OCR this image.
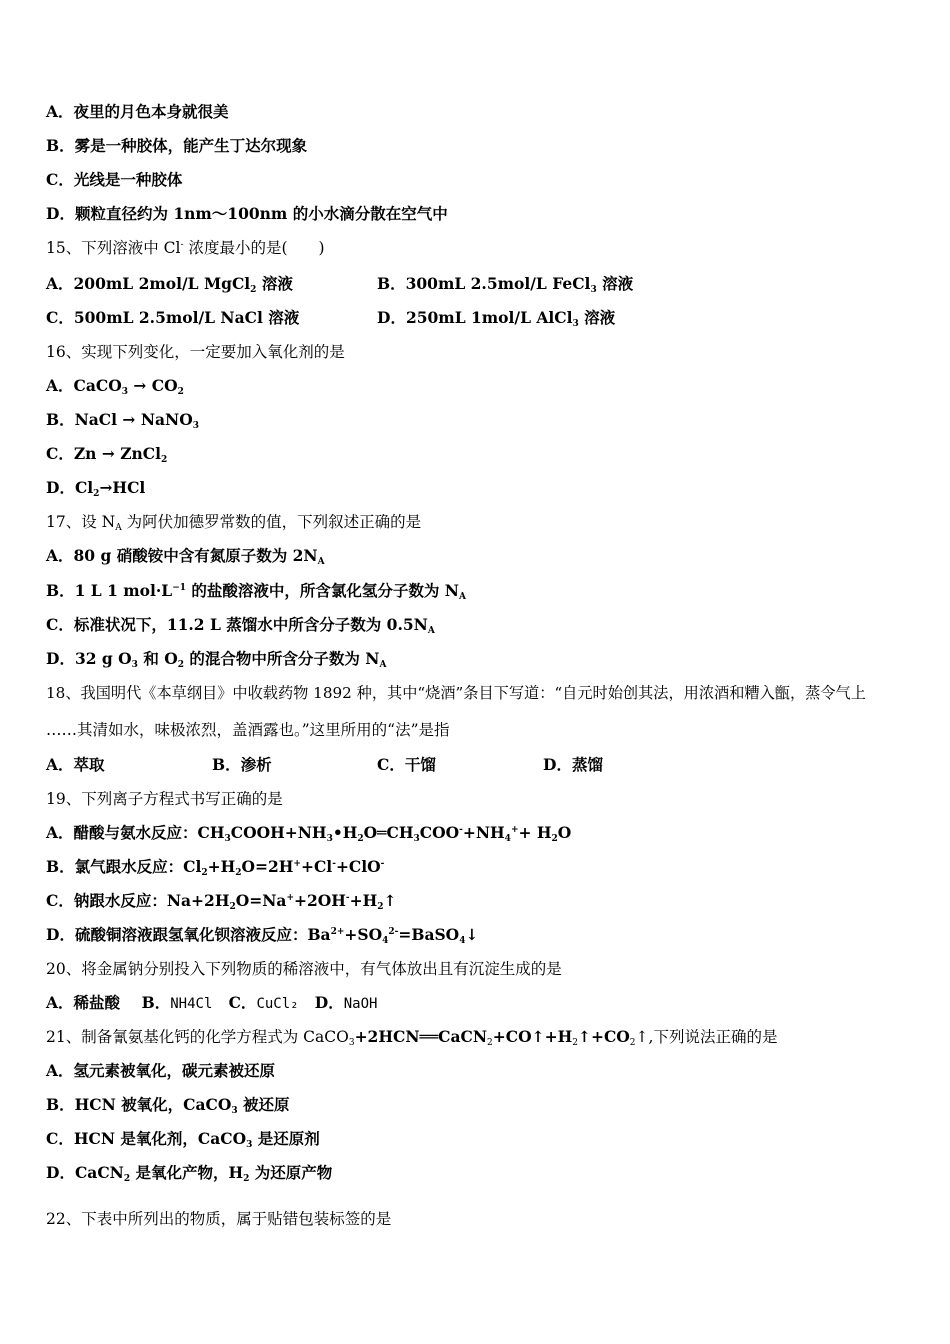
A．夜里的月色本身就很美
B．雾是一种胶体，能产生丁达尔现象
C．光线是一种胶体
D．颗粒直径约为 1nm～100nm 的小水滴分散在空气中
15、下列溶液中 Cl- 浓度最小的是(　　)
A．200mL 2mol/L MgCl$_2$ 溶液	B．300mL 2.5mol/L FeCl$_3$ 溶液
C．500mL 2.5mol/L NaCl 溶液	D．250mL 1mol/L AlCl$_3$ 溶液
16、实现下列变化，一定要加入氧化剂的是
A．CaCO$_3$ → $CO_2$
B．NaCl → NaNO$_3$
C．Zn → ZnCl$_2$
D．$Cl_2\to HCl$
17、设 $N_A$ 为阿伏加德罗常数的值，下列叙述正确的是
A．80 g 硝酸铵中含有氮原子数为 $2N_A$
B．1 L 1 $mol\cdot L^{-1}$ 的盐酸溶液中，所含氯化氢分子数为 $N_A$
C．标准状况下，11.2 L 蒸馏水中所含分子数为 $0.5N_A$
D．32 g $O_3$ 和 $O_2$ 的混合物中所含分子数为 $N_A$
18、我国明代《本草纲目》中收载药物 1892 种，其中“烧酒”条目下写道：“自元时始创其法，用浓酒和糟入甑，蒸令气上
……其清如水，味极浓烈，盖酒露也。”这里所用的“法”是指
A．萃取	B．渗析	C．干馏	D．蒸馏
19、下列离子方程式书写正确的是
A．醋酸与氨水反应：$CH_3COOH+NH_3•H_2O═CH_3COO^-+NH_4^++ H_2O$
B．氯气跟水反应：$Cl_2+H_2O=2H^++Cl^-+ClO^-$
C．钠跟水反应：$Na+2H_2O=Na^++2OH^-+H_2↑$
D．硫酸铜溶液跟氢氧化钡溶液反应：$Ba^{2+}+SO_4^{2-}=BaSO_4↓$
20、将金属钠分别投入下列物质的稀溶液中，有气体放出且有沉淀生成的是
A．稀盐酸 B．NH4Cl C．CuCl₂ D．NaOH
21、制备氰氨基化钙的化学方程式为 $CaCO_3+2HCN══CaCN_2+CO↑+H_2↑+CO_2↑$,下列说法正确的是
A．氢元素被氧化，碳元素被还原
B．HCN 被氧化，CaCO$_3$ 被还原
C．HCN 是氧化剂，CaCO$_3$ 是还原剂
D．CaCN$_2$ 是氧化产物，$H_2$ 为还原产物
22、下表中所列出的物质，属于贴错包装标签的是
